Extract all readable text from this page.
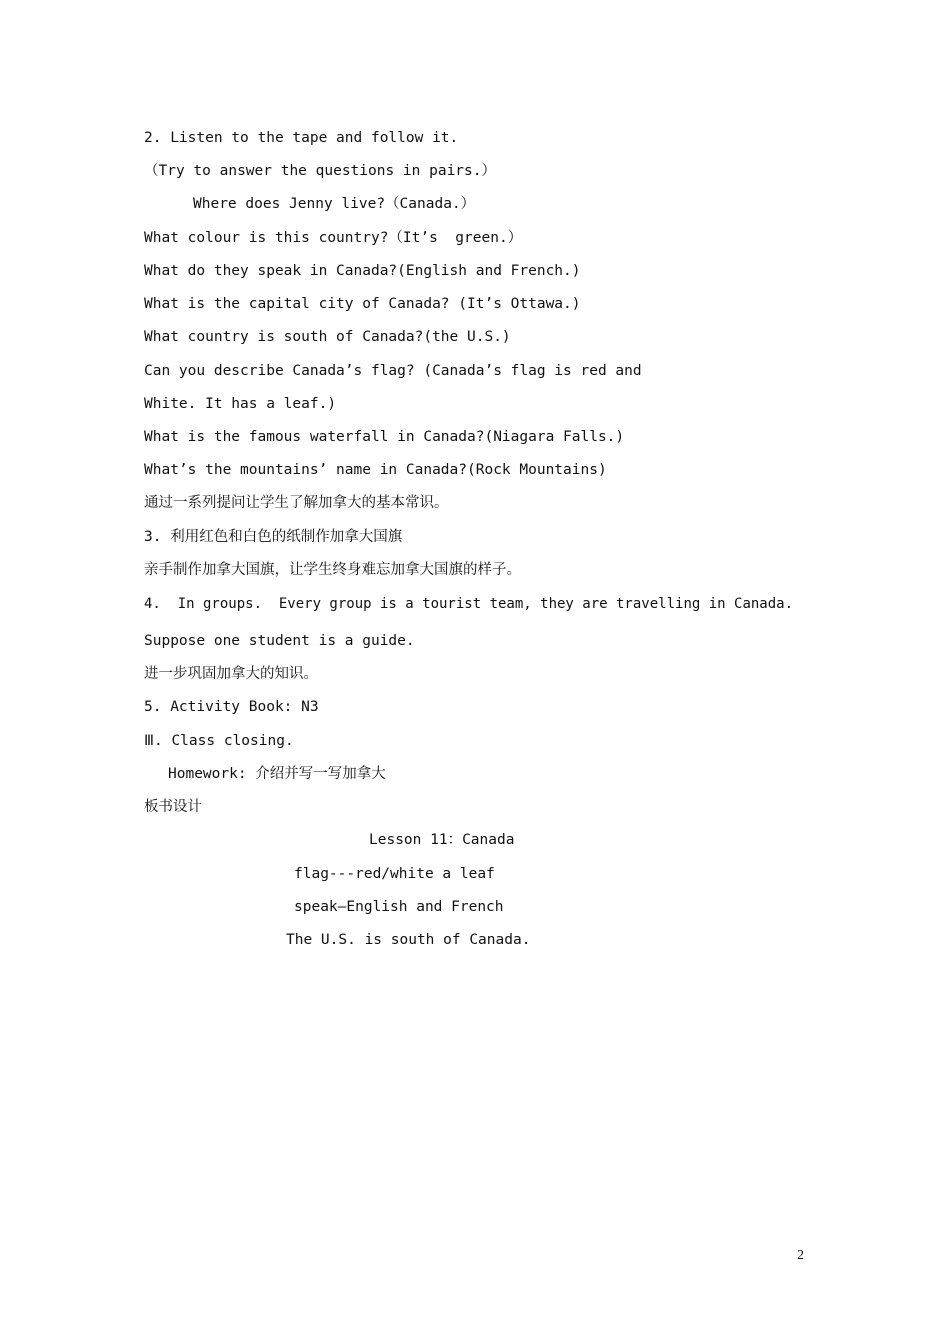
2. Listen to the tape and follow it.
（Try to answer the questions in pairs.）
Where does Jenny live?（Canada.）
What colour is this country?（It’s  green.）
What do they speak in Canada?(English and French.)
What is the capital city of Canada? (It’s Ottawa.)
What country is south of Canada?(the U.S.)
Can you describe Canada’s flag? (Canada’s flag is red and
White. It has a leaf.)
What is the famous waterfall in Canada?(Niagara Falls.)
What’s the mountains’ name in Canada?(Rock Mountains)
通过一系列提问让学生了解加拿大的基本常识。
3. 利用红色和白色的纸制作加拿大国旗
亲手制作加拿大国旗，让学生终身难忘加拿大国旗的样子。
4.  In groups.  Every group is a tourist team, they are travelling in Canada.
Suppose one student is a guide.
进一步巩固加拿大的知识。
5. Activity Book: N3
Ⅲ. Class closing.
Homework: 介绍并写一写加拿大
板书设计
Lesson 11：Canada
flag---red/white a leaf
speak—English and French
The U.S. is south of Canada.
2
